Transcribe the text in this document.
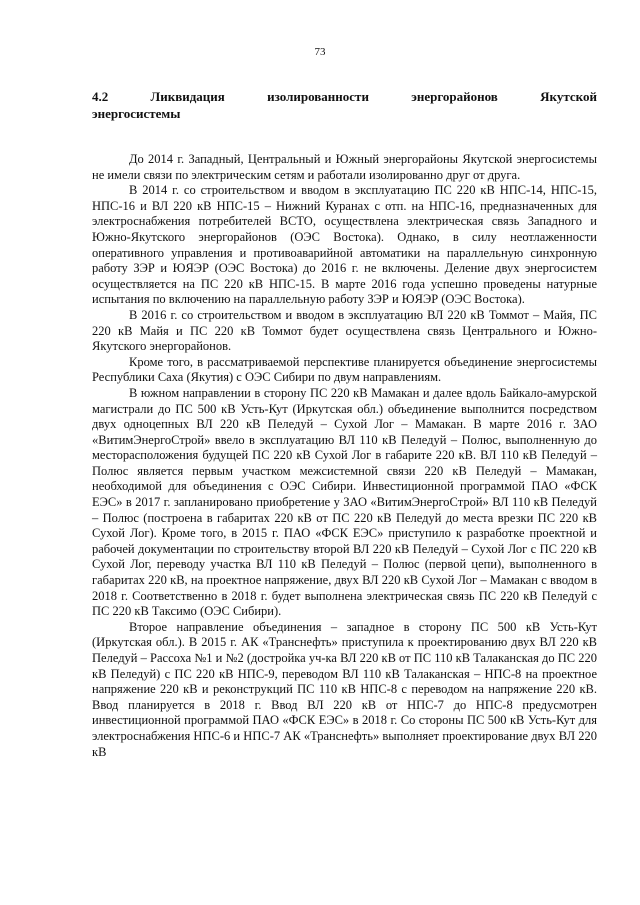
73
4.2	Ликвидация	изолированности	энергорайонов	Якутской
энергосистемы

До 2014 г. Западный, Центральный и Южный энергорайоны Якутской энергосистемы не имели связи по электрическим сетям и работали изолированно друг от друга.

В 2014 г. со строительством и вводом в эксплуатацию ПС 220 кВ НПС-14, НПС-15, НПС-16 и ВЛ 220 кВ НПС-15 – Нижний Куранах с отп. на НПС-16, предназначенных для электроснабжения потребителей ВСТО, осуществлена электрическая связь Западного и Южно-Якутского энергорайонов (ОЭС Востока). Однако, в силу неотлаженности оперативного управления и противоаварийной автоматики на параллельную синхронную работу ЗЭР и ЮЯЭР (ОЭС Востока) до 2016 г. не включены. Деление двух энергосистем осуществляется на ПС 220 кВ НПС-15. В марте 2016 года успешно проведены натурные испытания по включению на параллельную работу ЗЭР и ЮЯЭР (ОЭС Востока).

В 2016 г. со строительством и вводом в эксплуатацию ВЛ 220 кВ Томмот – Майя, ПС 220 кВ Майя и ПС 220 кВ Томмот будет осуществлена связь Центрального и Южно-Якутского энергорайонов.

Кроме того, в рассматриваемой перспективе планируется объединение энергосистемы Республики Саха (Якутия) с ОЭС Сибири по двум направлениям.

В южном направлении в сторону ПС 220 кВ Мамакан и далее вдоль Байкало-амурской магистрали до ПС 500 кВ Усть-Кут (Иркутская обл.) объединение выполнится посредством двух одноцепных ВЛ 220 кВ Пеледуй – Сухой Лог – Мамакан. В марте 2016 г. ЗАО «ВитимЭнергоСтрой» ввело в эксплуатацию ВЛ 110 кВ Пеледуй – Полюс, выполненную до месторасположения будущей ПС 220 кВ Сухой Лог в габарите 220 кВ. ВЛ 110 кВ Пеледуй – Полюс является первым участком межсистемной связи 220 кВ Пеледуй – Мамакан, необходимой для объединения с ОЭС Сибири. Инвестиционной программой ПАО «ФСК ЕЭС» в 2017 г. запланировано приобретение у ЗАО «ВитимЭнергоСтрой» ВЛ 110 кВ Пеледуй – Полюс (построена в габаритах 220 кВ от ПС 220 кВ Пеледуй до места врезки ПС 220 кВ Сухой Лог). Кроме того, в 2015 г. ПАО «ФСК ЕЭС» приступило к разработке проектной и рабочей документации по строительству второй ВЛ 220 кВ Пеледуй – Сухой Лог с ПС 220 кВ Сухой Лог, переводу участка ВЛ 110 кВ Пеледуй – Полюс (первой цепи), выполненного в габаритах 220 кВ, на проектное напряжение, двух ВЛ 220 кВ Сухой Лог – Мамакан с вводом в 2018 г. Соответственно в 2018 г. будет выполнена электрическая связь ПС 220 кВ Пеледуй с ПС 220 кВ Таксимо (ОЭС Сибири).

Второе направление объединения – западное в сторону ПС 500 кВ Усть-Кут (Иркутская обл.). В 2015 г. АК «Транснефть» приступила к проектированию двух ВЛ 220 кВ Пеледуй – Рассоха №1 и №2 (достройка уч-ка ВЛ 220 кВ от ПС 110 кВ Талаканская до ПС 220 кВ Пеледуй) с ПС 220 кВ НПС-9, переводом ВЛ 110 кВ Талаканская – НПС-8 на проектное напряжение 220 кВ и реконструкций ПС 110 кВ НПС-8 с переводом на напряжение 220 кВ. Ввод планируется в 2018 г. Ввод ВЛ 220 кВ от НПС-7 до НПС-8 предусмотрен инвестиционной программой ПАО «ФСК ЕЭС» в 2018 г. Со стороны ПС 500 кВ Усть-Кут для электроснабжения НПС-6 и НПС-7 АК «Транснефть» выполняет проектирование двух ВЛ 220 кВ
